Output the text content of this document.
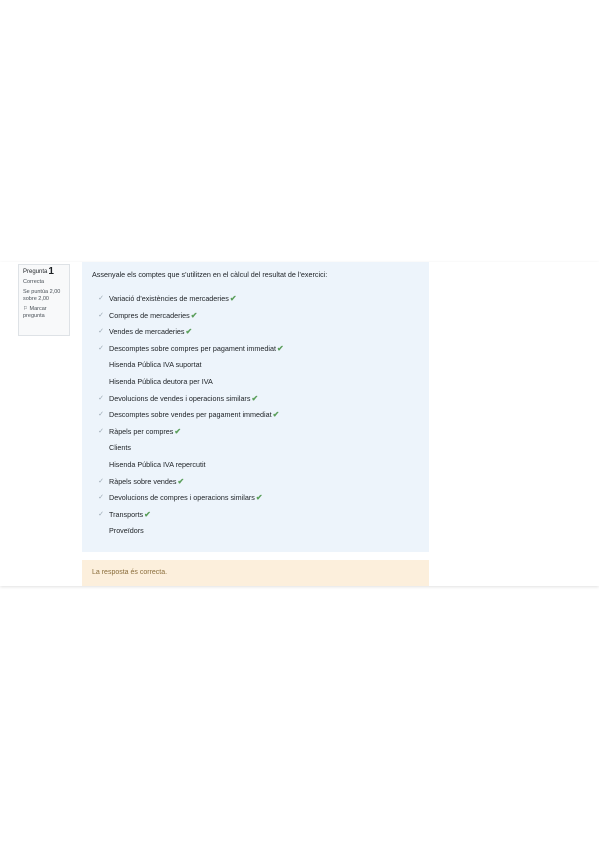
Pregunta1
Correcta
Se puntúa 2,00 sobre 2,00
⚐ Marcar pregunta

Assenyale els comptes que s'utilitzen en el càlcul del resultat de l'exercici:

✓ Variació d'existències de mercaderies✔
✓ Compres de mercaderies✔
✓ Vendes de mercaderies✔
✓ Descomptes sobre compres per pagament immediat✔
Hisenda Pública IVA suportat
Hisenda Pública deutora per IVA
✓ Devolucions de vendes i operacions similars✔
✓ Descomptes sobre vendes per pagament immediat✔
✓ Ràpels per compres✔
Clients
Hisenda Pública IVA repercutit
✓ Ràpels sobre vendes✔
✓ Devolucions de compres i operacions similars✔
✓ Transports✔
Proveïdors
La resposta és correcta.
